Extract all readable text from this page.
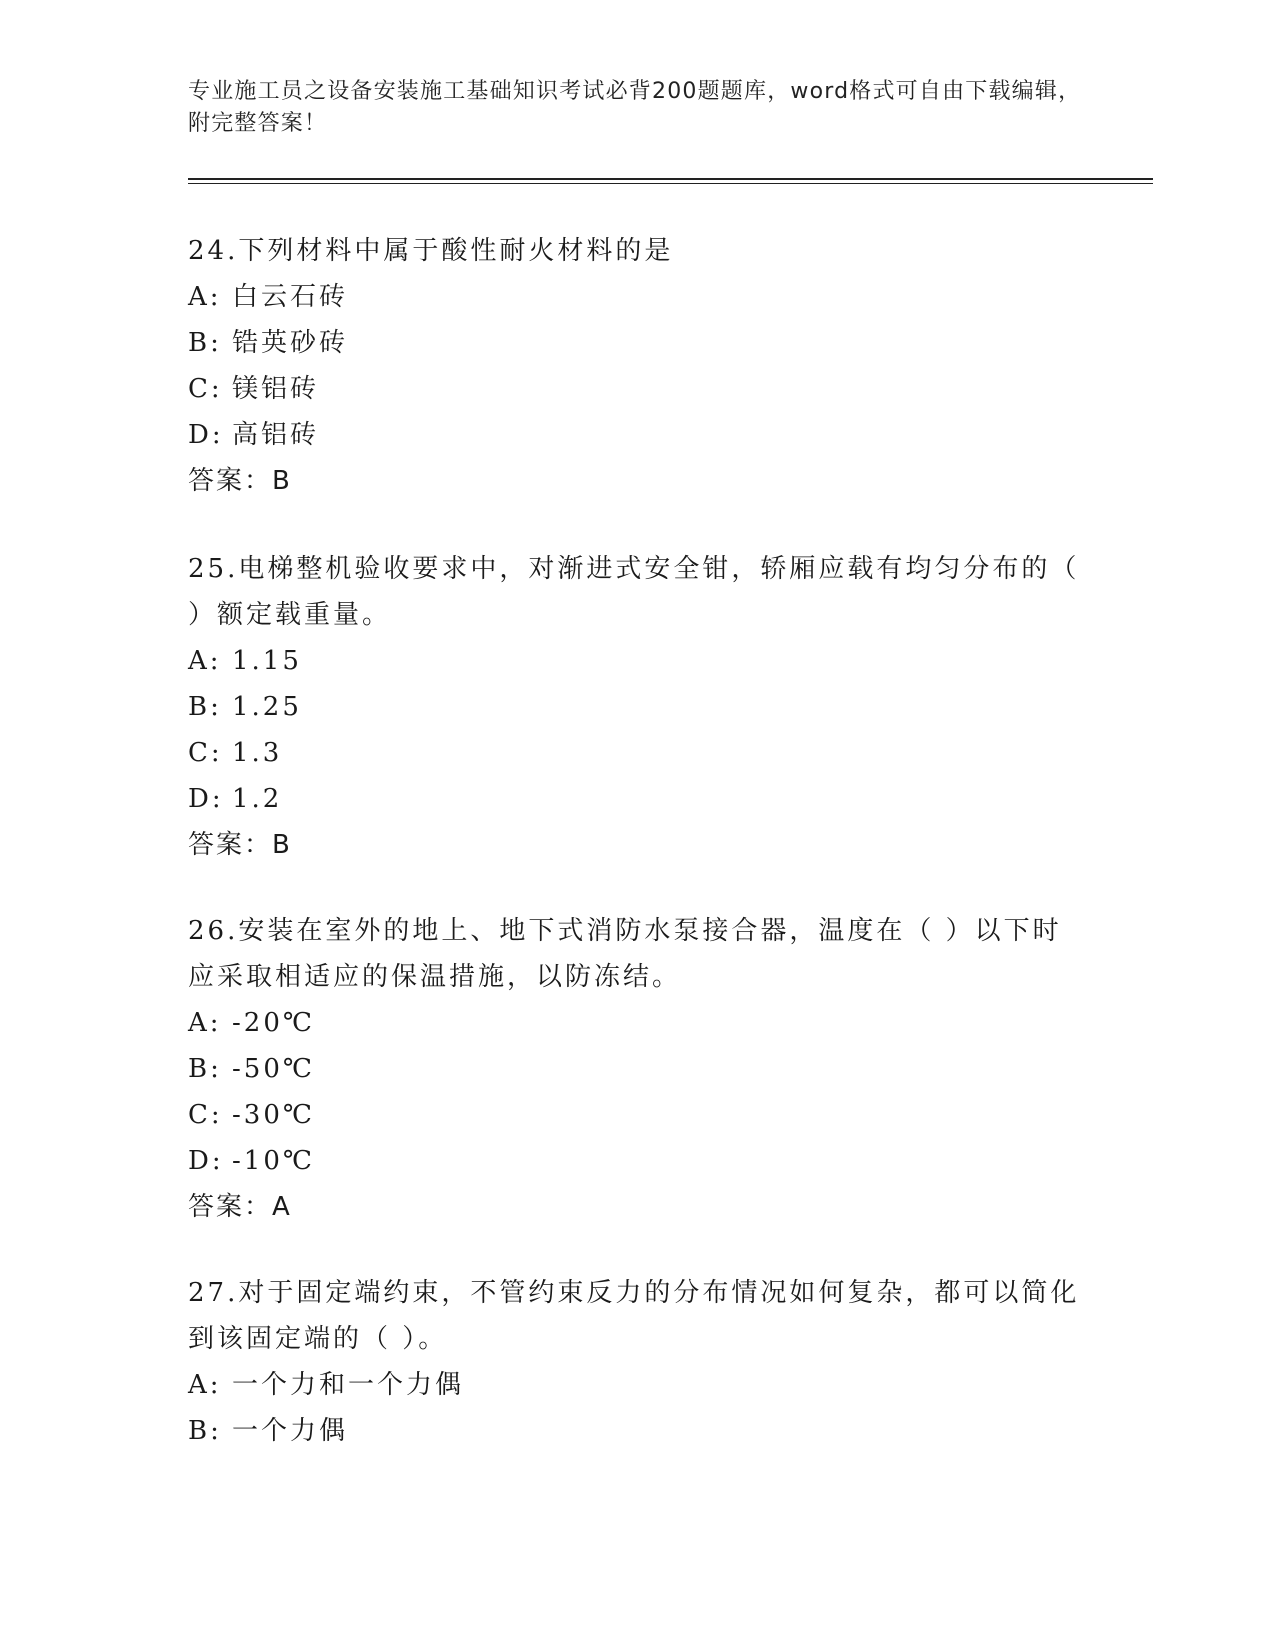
专业施工员之设备安装施工基础知识考试必背200题题库，word格式可自由下载编辑，附完整答案！
24.下列材料中属于酸性耐火材料的是
A: 白云石砖
B: 锆英砂砖
C: 镁铝砖
D: 高铝砖
答案：B
25.电梯整机验收要求中，对渐进式安全钳，轿厢应载有均匀分布的（ ）额定载重量。
A: 1.15
B: 1.25
C: 1.3
D: 1.2
答案：B
26.安装在室外的地上、地下式消防水泵接合器，温度在（ ）以下时应采取相适应的保温措施，以防冻结。
A: -20℃
B: -50℃
C: -30℃
D: -10℃
答案：A
27.对于固定端约束，不管约束反力的分布情况如何复杂，都可以简化到该固定端的（ ）。
A: 一个力和一个力偶
B: 一个力偶
